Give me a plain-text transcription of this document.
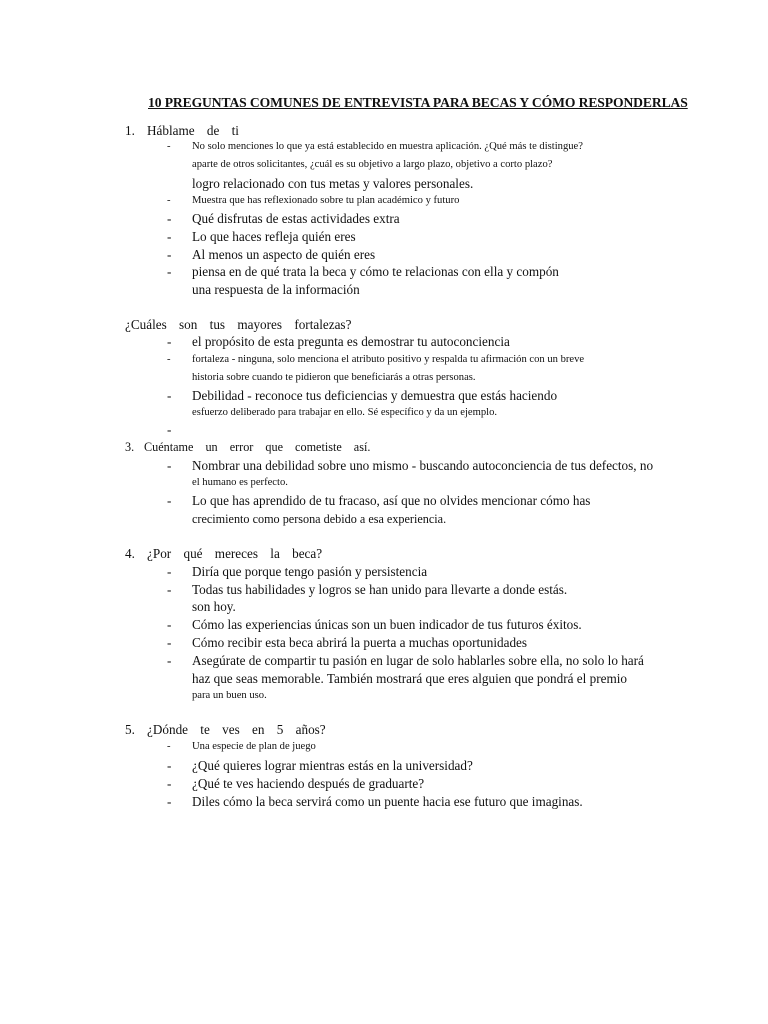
10 PREGUNTAS COMUNES DE ENTREVISTA PARA BECAS Y CÓMO RESPONDERLAS
1. Háblame de ti
-	No solo menciones lo que ya está establecido en muestra aplicación. ¿Qué más te distingue?
aparte de otros solicitantes, ¿cuál es su objetivo a largo plazo, objetivo a corto plazo?
logro relacionado con tus metas y valores personales.
-	Muestra que has reflexionado sobre tu plan académico y futuro
-	Qué disfrutas de estas actividades extra
-	Lo que haces refleja quién eres
-	Al menos un aspecto de quién eres
-	piensa en de qué trata la beca y cómo te relacionas con ella y compón
una respuesta de la información
¿Cuáles son tus mayores fortalezas?
-	el propósito de esta pregunta es demostrar tu autoconciencia
-	fortaleza - ninguna, solo menciona el atributo positivo y respalda tu afirmación con un breve
historia sobre cuando te pidieron que beneficiarás a otras personas.
-	Debilidad - reconoce tus deficiencias y demuestra que estás haciendo
esfuerzo deliberado para trabajar en ello. Sé específico y da un ejemplo.
-
3. Cuéntame un error que cometiste así.
-	Nombrar una debilidad sobre uno mismo - buscando autoconciencia de tus defectos, no
el humano es perfecto.
-	Lo que has aprendido de tu fracaso, así que no olvides mencionar cómo has
crecimiento como persona debido a esa experiencia.
4. ¿Por qué mereces la beca?
-	Diría que porque tengo pasión y persistencia
-	Todas tus habilidades y logros se han unido para llevarte a donde estás.
son hoy.
-	Cómo las experiencias únicas son un buen indicador de tus futuros éxitos.
-	Cómo recibir esta beca abrirá la puerta a muchas oportunidades
-	Asegúrate de compartir tu pasión en lugar de solo hablarles sobre ella, no solo lo hará
haz que seas memorable. También mostrará que eres alguien que pondrá el premio
para un buen uso.
5. ¿Dónde te ves en 5 años?
-	Una especie de plan de juego
-	¿Qué quieres lograr mientras estás en la universidad?
-	¿Qué te ves haciendo después de graduarte?
-	Diles cómo la beca servirá como un puente hacia ese futuro que imaginas.
